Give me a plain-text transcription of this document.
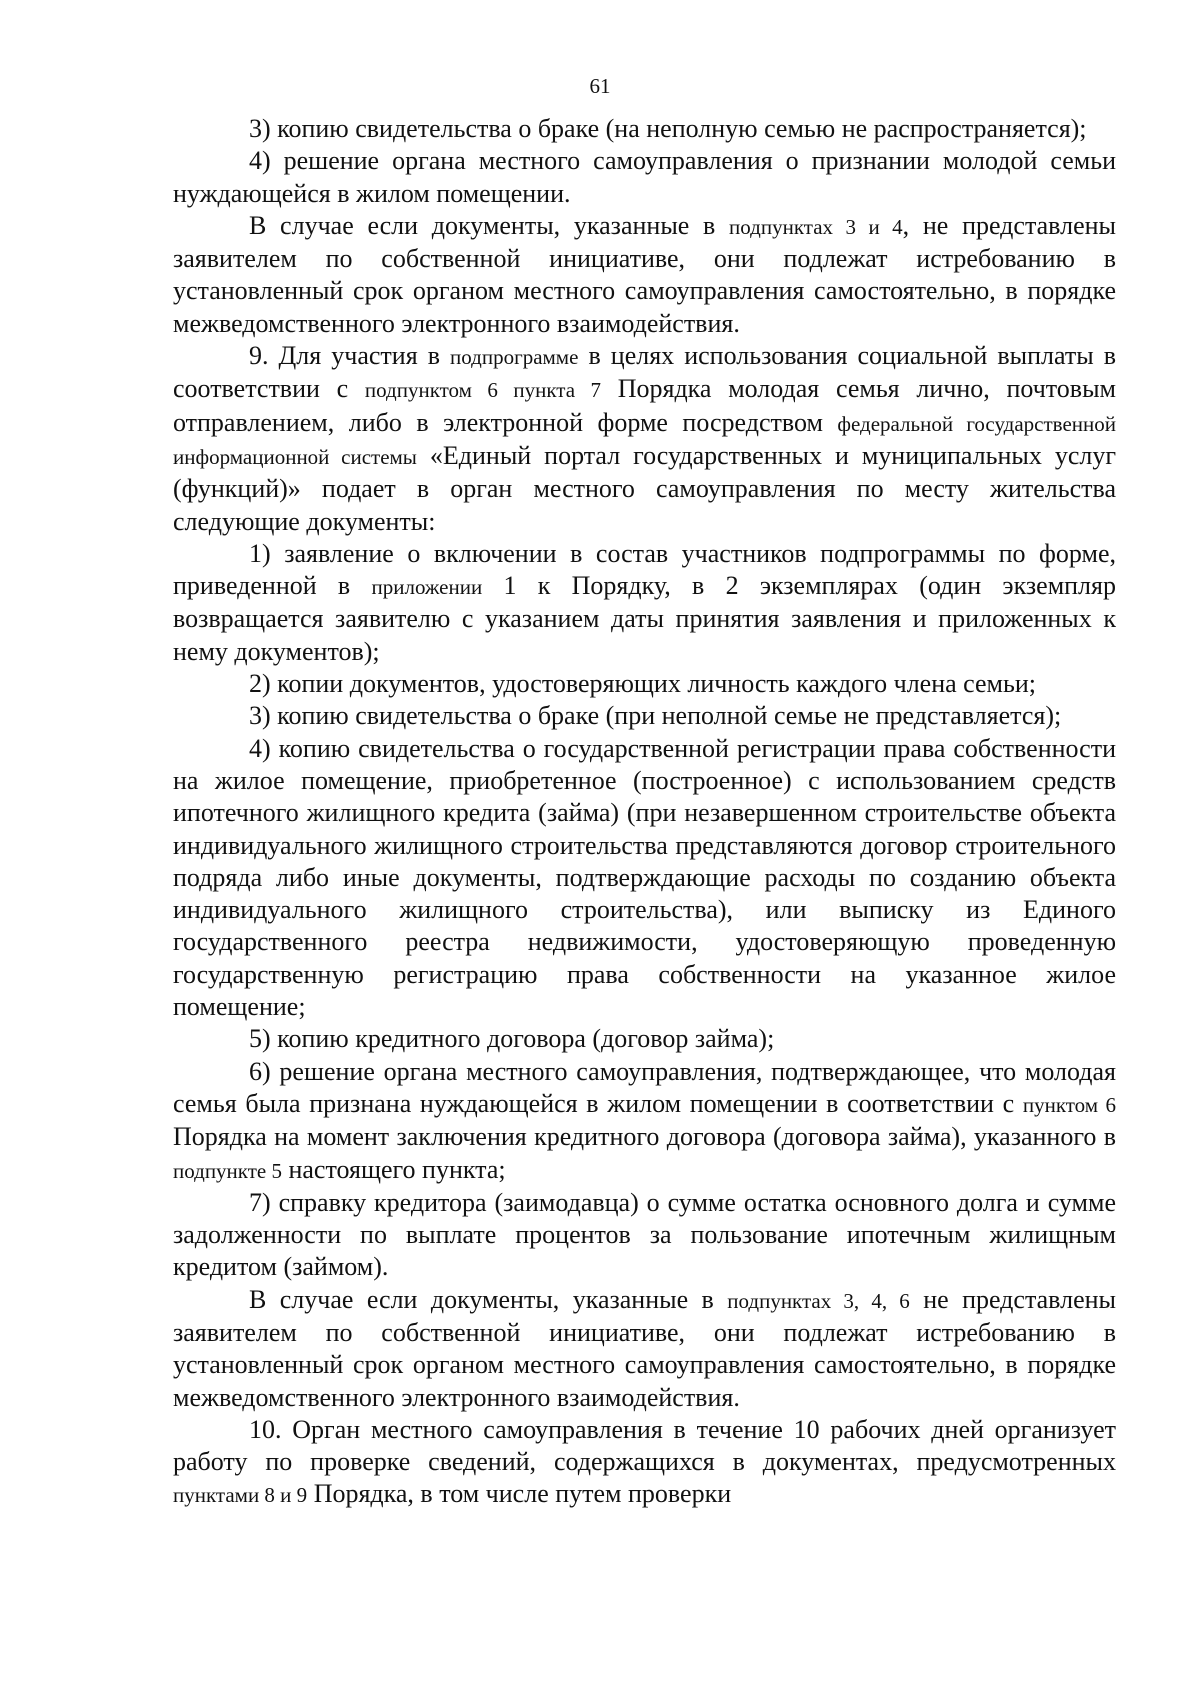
61

3) копию свидетельства о браке (на неполную семью не распространяется);

4) решение органа местного самоуправления о признании молодой семьи нуждающейся в жилом помещении.

В случае если документы, указанные в подпунктах 3 и 4, не представлены заявителем по собственной инициативе, они подлежат истребованию в установленный срок органом местного самоуправления самостоятельно, в порядке межведомственного электронного взаимодействия.

9. Для участия в подпрограмме в целях использования социальной выплаты в соответствии с подпунктом 6 пункта 7 Порядка молодая семья лично, почтовым отправлением, либо в электронной форме посредством федеральной государственной информационной системы «Единый портал государственных и муниципальных услуг (функций)» подает в орган местного самоуправления по месту жительства следующие документы:

1) заявление о включении в состав участников подпрограммы по форме, приведенной в приложении 1 к Порядку, в 2 экземплярах (один экземпляр возвращается заявителю с указанием даты принятия заявления и приложенных к нему документов);

2) копии документов, удостоверяющих личность каждого члена семьи;

3) копию свидетельства о браке (при неполной семье не представляется);

4) копию свидетельства о государственной регистрации права собственности на жилое помещение, приобретенное (построенное) с использованием средств ипотечного жилищного кредита (займа) (при незавершенном строительстве объекта индивидуального жилищного строительства представляются договор строительного подряда либо иные документы, подтверждающие расходы по созданию объекта индивидуального жилищного строительства), или выписку из Единого государственного реестра недвижимости, удостоверяющую проведенную государственную регистрацию права собственности на указанное жилое помещение;

5) копию кредитного договора (договор займа);

6) решение органа местного самоуправления, подтверждающее, что молодая семья была признана нуждающейся в жилом помещении в соответствии с пунктом 6 Порядка на момент заключения кредитного договора (договора займа), указанного в подпункте 5 настоящего пункта;

7) справку кредитора (заимодавца) о сумме остатка основного долга и сумме задолженности по выплате процентов за пользование ипотечным жилищным кредитом (займом).

В случае если документы, указанные в подпунктах 3, 4, 6 не представлены заявителем по собственной инициативе, они подлежат истребованию в установленный срок органом местного самоуправления самостоятельно, в порядке межведомственного электронного взаимодействия.

10. Орган местного самоуправления в течение 10 рабочих дней организует работу по проверке сведений, содержащихся в документах, предусмотренных пунктами 8 и 9 Порядка, в том числе путем проверки
